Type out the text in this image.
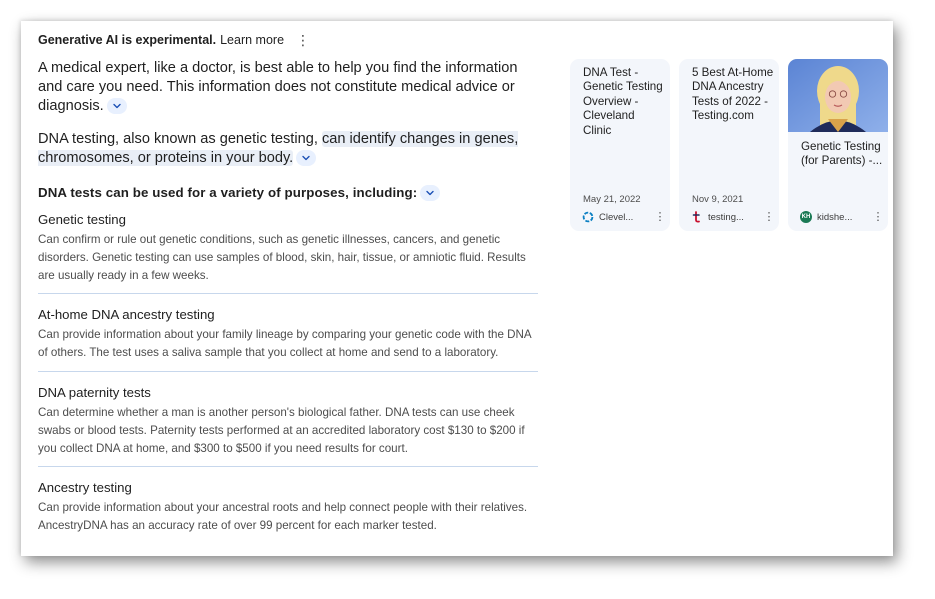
Generative AI is experimental. Learn more ⋮

A medical expert, like a doctor, is best able to help you find the information and care you need. This information does not constitute medical advice or diagnosis.

DNA testing, also known as genetic testing, can identify changes in genes, chromosomes, or proteins in your body.

DNA tests can be used for a variety of purposes, including:
Genetic testing
Can confirm or rule out genetic conditions, such as genetic illnesses, cancers, and genetic disorders. Genetic testing can use samples of blood, skin, hair, tissue, or amniotic fluid. Results are usually ready in a few weeks.
At-home DNA ancestry testing
Can provide information about your family lineage by comparing your genetic code with the DNA of others. The test uses a saliva sample that you collect at home and send to a laboratory.
DNA paternity tests
Can determine whether a man is another person's biological father. DNA tests can use cheek swabs or blood tests. Paternity tests performed at an accredited laboratory cost $130 to $200 if you collect DNA at home, and $300 to $500 if you need results for court.
Ancestry testing
Can provide information about your ancestral roots and help connect people with their relatives. AncestryDNA has an accuracy rate of over 99 percent for each marker tested.
DNA Test - Genetic Testing Overview - Cleveland Clinic
May 21, 2022
Clevel...	⋮
5 Best At-Home DNA Ancestry Tests of 2022 - Testing.com
Nov 9, 2021
testing...	⋮
Genetic Testing (for Parents) -...
KH kidshe...	⋮
